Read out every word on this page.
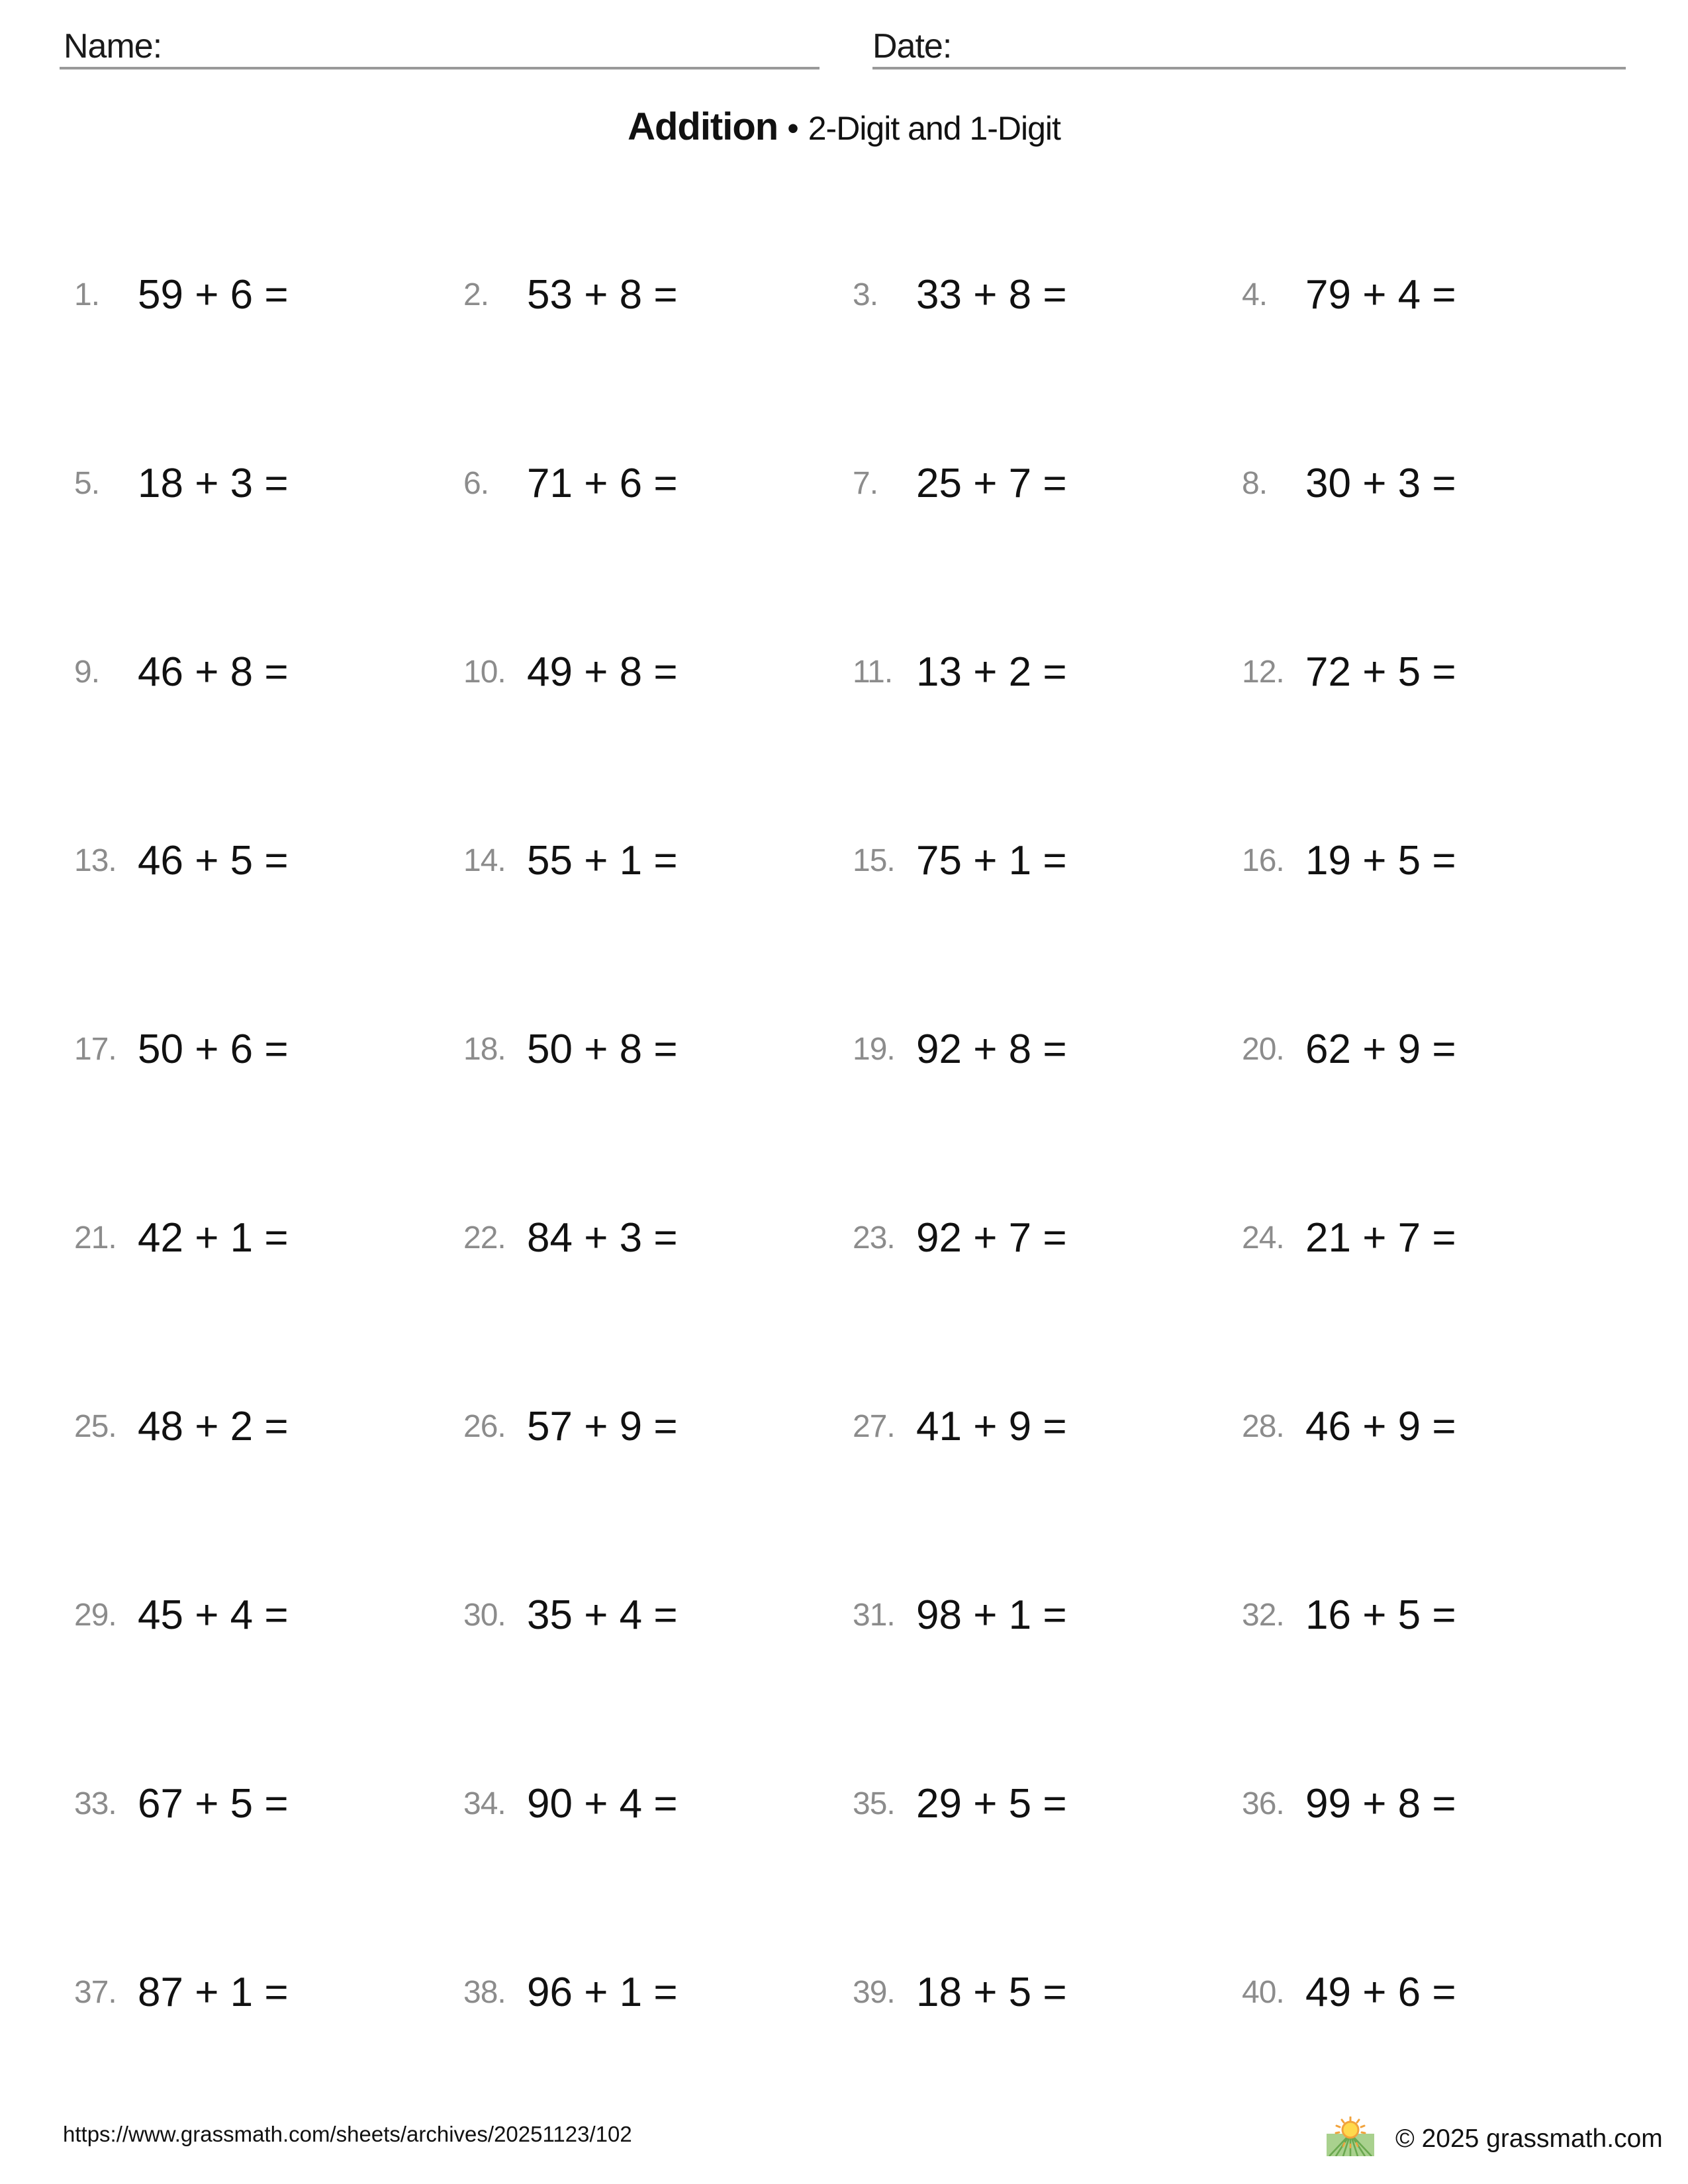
Name:	Date:
Addition • 2-Digit and 1-Digit
1. 59 + 6 =	2. 53 + 8 =	3. 33 + 8 =	4. 79 + 4 =
5. 18 + 3 =	6. 71 + 6 =	7. 25 + 7 =	8. 30 + 3 =
9. 46 + 8 =	10. 49 + 8 =	11. 13 + 2 =	12. 72 + 5 =
13. 46 + 5 =	14. 55 + 1 =	15. 75 + 1 =	16. 19 + 5 =
17. 50 + 6 =	18. 50 + 8 =	19. 92 + 8 =	20. 62 + 9 =
21. 42 + 1 =	22. 84 + 3 =	23. 92 + 7 =	24. 21 + 7 =
25. 48 + 2 =	26. 57 + 9 =	27. 41 + 9 =	28. 46 + 9 =
29. 45 + 4 =	30. 35 + 4 =	31. 98 + 1 =	32. 16 + 5 =
33. 67 + 5 =	34. 90 + 4 =	35. 29 + 5 =	36. 99 + 8 =
37. 87 + 1 =	38. 96 + 1 =	39. 18 + 5 =	40. 49 + 6 =
https://www.grassmath.com/sheets/archives/20251123/102	© 2025 grassmath.com
